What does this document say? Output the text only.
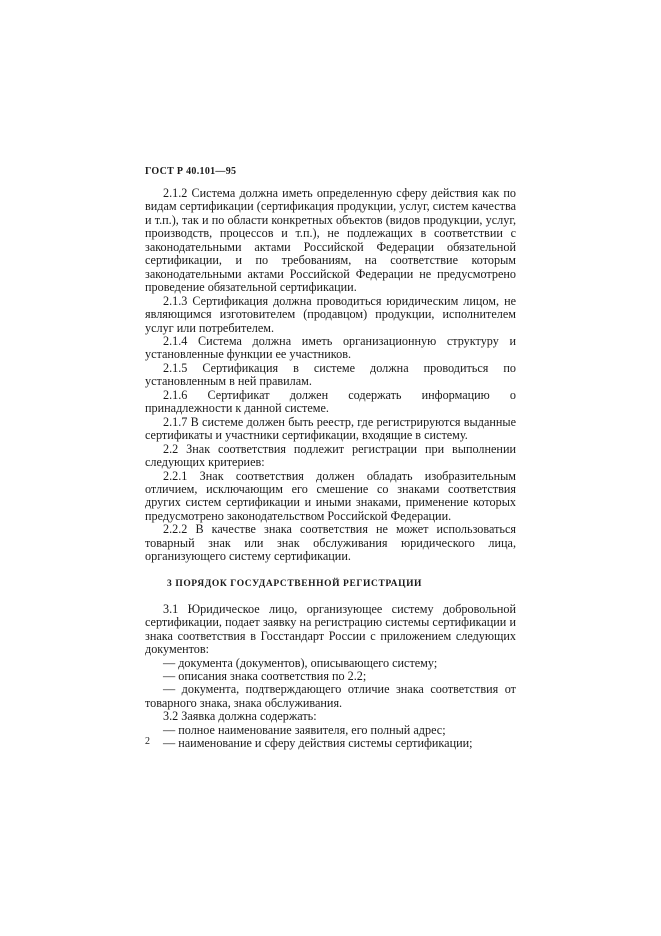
ГОСТ Р 40.101—95

2.1.2 Система должна иметь определенную сферу действия как по видам сертификации (сертификация продукции, услуг, систем качества и т.п.), так и по области конкретных объектов (видов продукции, услуг, производств, процессов и т.п.), не подлежащих в соответствии с законодательными актами Российской Федерации обязательной сертификации, и по требованиям, на соответствие которым законодательными актами Российской Федерации не предусмотрено проведение обязательной сертификации.

2.1.3 Сертификация должна проводиться юридическим лицом, не являющимся изготовителем (продавцом) продукции, исполнителем услуг или потребителем.

2.1.4 Система должна иметь организационную структуру и установленные функции ее участников.

2.1.5 Сертификация в системе должна проводиться по установленным в ней правилам.

2.1.6 Сертификат должен содержать информацию о принадлежности к данной системе.

2.1.7 В системе должен быть реестр, где регистрируются выданные сертификаты и участники сертификации, входящие в систему.

2.2 Знак соответствия подлежит регистрации при выполнении следующих критериев:

2.2.1 Знак соответствия должен обладать изобразительным отличием, исключающим его смешение со знаками соответствия других систем сертификации и иными знаками, применение которых предусмотрено законодательством Российской Федерации.

2.2.2 В качестве знака соответствия не может использоваться товарный знак или знак обслуживания юридического лица, организующего систему сертификации.

3 ПОРЯДОК ГОСУДАРСТВЕННОЙ РЕГИСТРАЦИИ

3.1 Юридическое лицо, организующее систему добровольной сертификации, подает заявку на регистрацию системы сертификации и знака соответствия в Госстандарт России с приложением следующих документов:

— документа (документов), описывающего систему;

— описания знака соответствия по 2.2;

— документа, подтверждающего отличие знака соответствия от товарного знака, знака обслуживания.

3.2 Заявка должна содержать:

— полное наименование заявителя, его полный адрес;

— наименование и сферу действия системы сертификации;

2
